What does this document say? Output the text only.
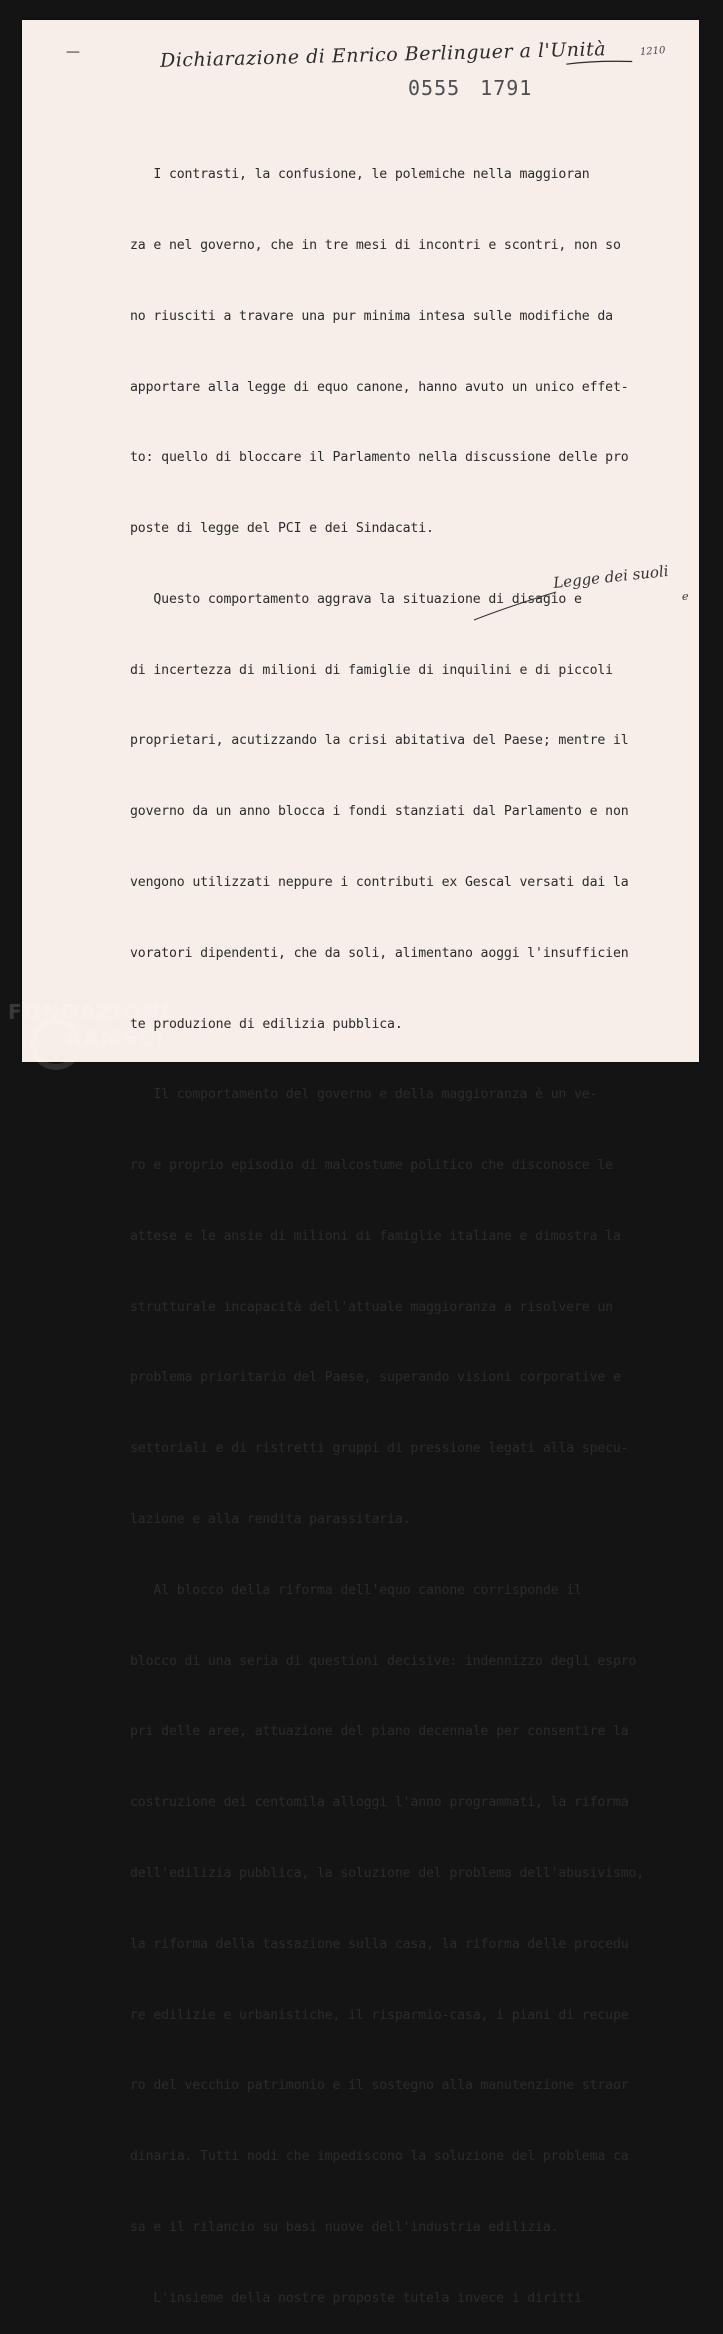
1210
—	Dichiarazione di Enrico Berlinguer a l'Unità
0555 1791

I contrasti, la confusione, le polemiche nella maggioran

za e nel governo, che in tre mesi di incontri e scontri, non so

no riusciti a travare una pur minima intesa sulle modifiche da

apportare alla legge di equo canone, hanno avuto un unico effet-

to: quello di bloccare il Parlamento nella discussione delle pro

poste di legge del PCI e dei Sindacati.

Questo comportamento aggrava la situazione di disagio e

di incertezza di milioni di famiglie di inquilini e di piccoli

proprietari, acutizzando la crisi abitativa del Paese; mentre il

governo da un anno blocca i fondi stanziati dal Parlamento e non

vengono utilizzati neppure i contributi ex Gescal versati dai la

voratori dipendenti, che da soli, alimentano aoggi l'insufficien

te produzione di edilizia pubblica.

Il comportamento del governo e della maggioranza è un ve-

ro e proprio episodio di malcostume politico che disconosce le

attese e le ansie di milioni di famiglie italiane e dimostra la

strutturale incapacità dell'attuale maggioranza a risolvere un

problema prioritario del Paese, superando visioni corporative e

settoriali e di ristretti gruppi di pressione legati alla specu-

lazione e alla rendita parassitaria.

Al blocco della riforma dell'equo canone corrisponde il

blocco di una seria di questioni decisive: indennizzo degli espro

pri delle aree, attuazione del piano decennale per consentire la

costruzione dei centomila alloggi l'anno programmati, la riforma

dell'edilizia pubblica, la soluzione del problema dell'abusivismo,

la riforma della tassazione sulla casa, la riforma delle procedu

re edilizie e urbanistiche, il risparmio-casa, i piani di recupe

ro del vecchio patrimonio e il sostegno alla manutenzione straor

dinaria. Tutti nodi che impediscono la soluzione del problema ca

sa e il rilancio su basi nuove dell'industria edilizia.

L'insieme della nostre proposte tutela invece i diritti

Legge dei suoli
e
FONDAZIONE
RAMSCI
